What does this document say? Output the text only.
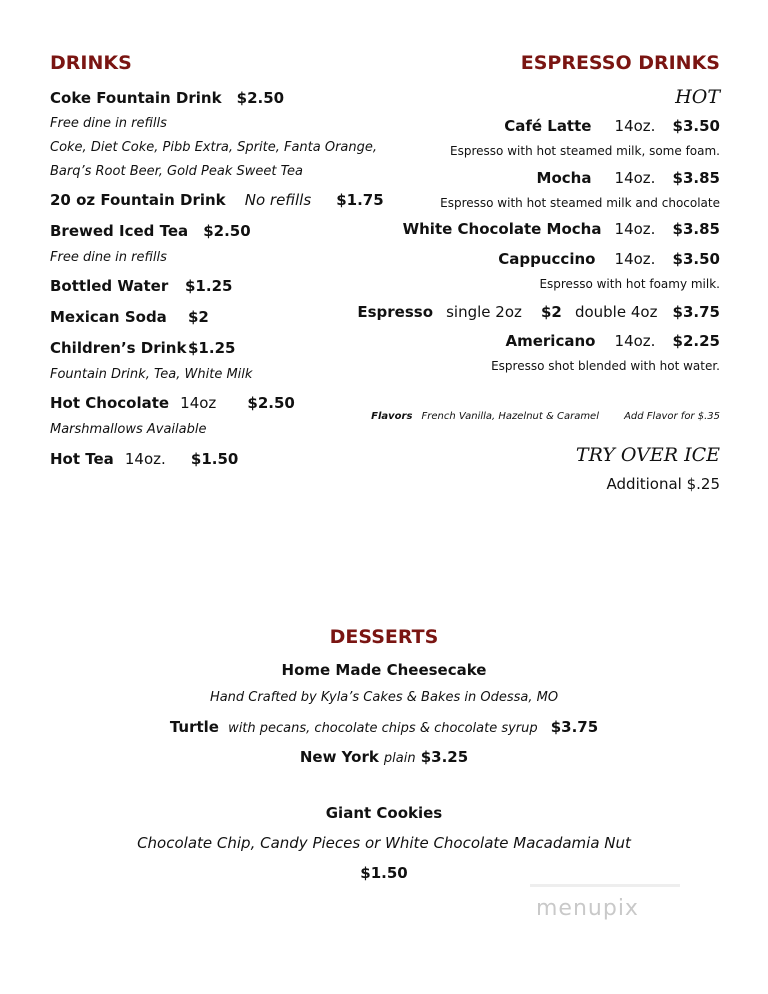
DRINKS
Coke Fountain Drink $2.50
Free dine in refills
Coke, Diet Coke, Pibb Extra, Sprite, Fanta Orange,
Barq’s Root Beer, Gold Peak Sweet Tea
20 oz Fountain Drink No refills $1.75
Brewed Iced Tea $2.50
Free dine in refills
Bottled Water $1.25
Mexican Soda $2
Children’s Drink $1.25
Fountain Drink, Tea, White Milk
Hot Chocolate 14oz $2.50
Marshmallows Available
Hot Tea 14oz. $1.50
ESPRESSO DRINKS
HOT
Café Latte 14oz. $3.50
Espresso with hot steamed milk, some foam.
Mocha 14oz. $3.85
Espresso with hot steamed milk and chocolate
White Chocolate Mocha 14oz. $3.85
Cappuccino 14oz. $3.50
Espresso with hot foamy milk.
Espresso single 2oz $2 double 4oz $3.75
Americano 14oz. $2.25
Espresso shot blended with hot water.
Flavors French Vanilla, Hazelnut & Caramel	Add Flavor for $.35
TRY OVER ICE
Additional $.25
DESSERTS
Home Made Cheesecake
Hand Crafted by Kyla’s Cakes & Bakes in Odessa, MO
Turtle with pecans, chocolate chips & chocolate syrup $3.75
New York plain $3.25
Giant Cookies
Chocolate Chip, Candy Pieces or White Chocolate Macadamia Nut
$1.50
menupix
